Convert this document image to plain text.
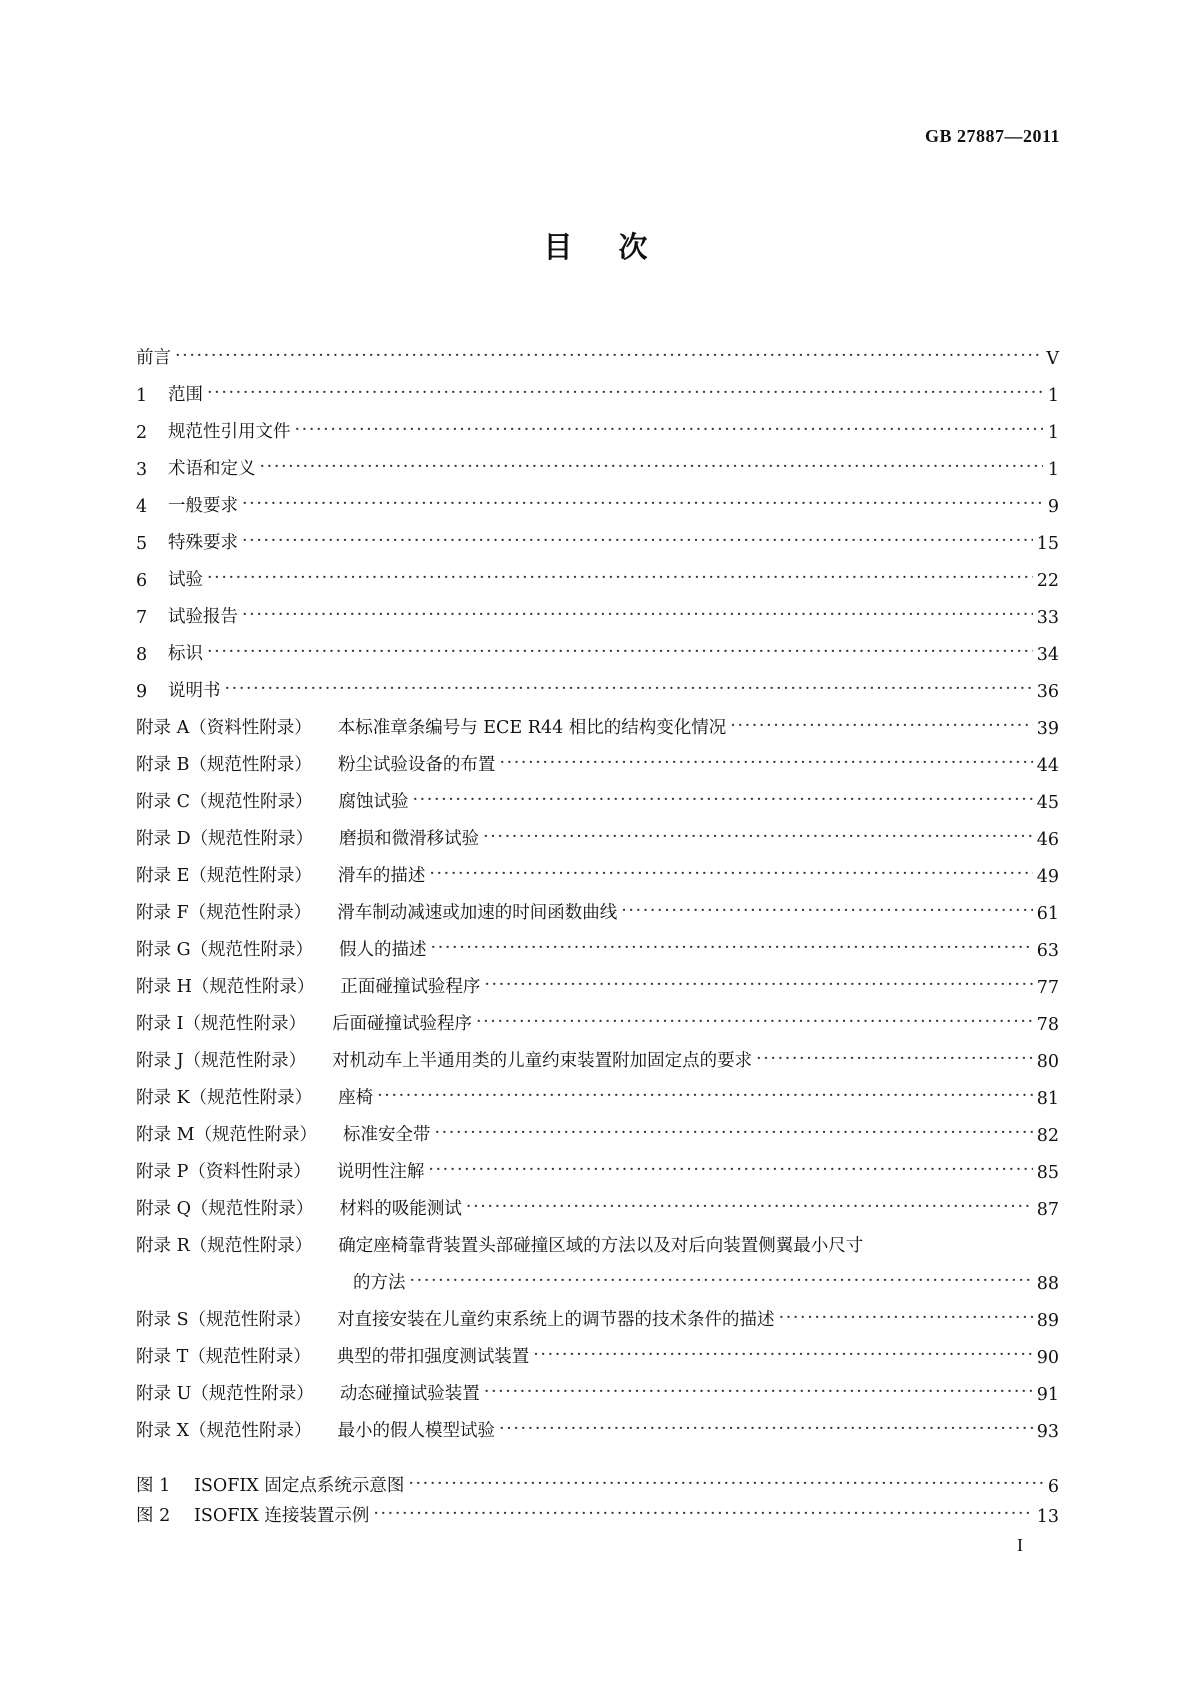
GB 27887—2011
目次
前言 ·····	V
1	范围 ·····	1
2	规范性引用文件 ·····	1
3	术语和定义 ·····	1
4	一般要求 ·····	9
5	特殊要求 ·····	15
6	试验 ·····	22
7	试验报告 ·····	33
8	标识 ·····	34
9	说明书 ·····	36
附录 A（资料性附录） 本标准章条编号与 ECE R44 相比的结构变化情况 ·····	39
附录 B（规范性附录） 粉尘试验设备的布置 ·····	44
附录 C（规范性附录） 腐蚀试验 ·····	45
附录 D（规范性附录） 磨损和微滑移试验 ·····	46
附录 E（规范性附录） 滑车的描述 ·····	49
附录 F（规范性附录） 滑车制动减速或加速的时间函数曲线 ·····	61
附录 G（规范性附录） 假人的描述 ·····	63
附录 H（规范性附录） 正面碰撞试验程序 ·····	77
附录 I（规范性附录） 后面碰撞试验程序 ·····	78
附录 J（规范性附录） 对机动车上半通用类的儿童约束装置附加固定点的要求 ·····	80
附录 K（规范性附录） 座椅 ·····	81
附录 M（规范性附录） 标准安全带 ·····	82
附录 P（资料性附录） 说明性注解 ·····	85
附录 Q（规范性附录） 材料的吸能测试 ·····	87
附录 R（规范性附录） 确定座椅靠背装置头部碰撞区域的方法以及对后向装置侧翼最小尺寸
的方法 ·····	88
附录 S（规范性附录） 对直接安装在儿童约束系统上的调节器的技术条件的描述 ·····	89
附录 T（规范性附录） 典型的带扣强度测试装置 ·····	90
附录 U（规范性附录） 动态碰撞试验装置 ·····	91
附录 X（规范性附录） 最小的假人模型试验 ·····	93
图 1	ISOFIX 固定点系统示意图 ·····	6
图 2	ISOFIX 连接装置示例 ·····	13
I
